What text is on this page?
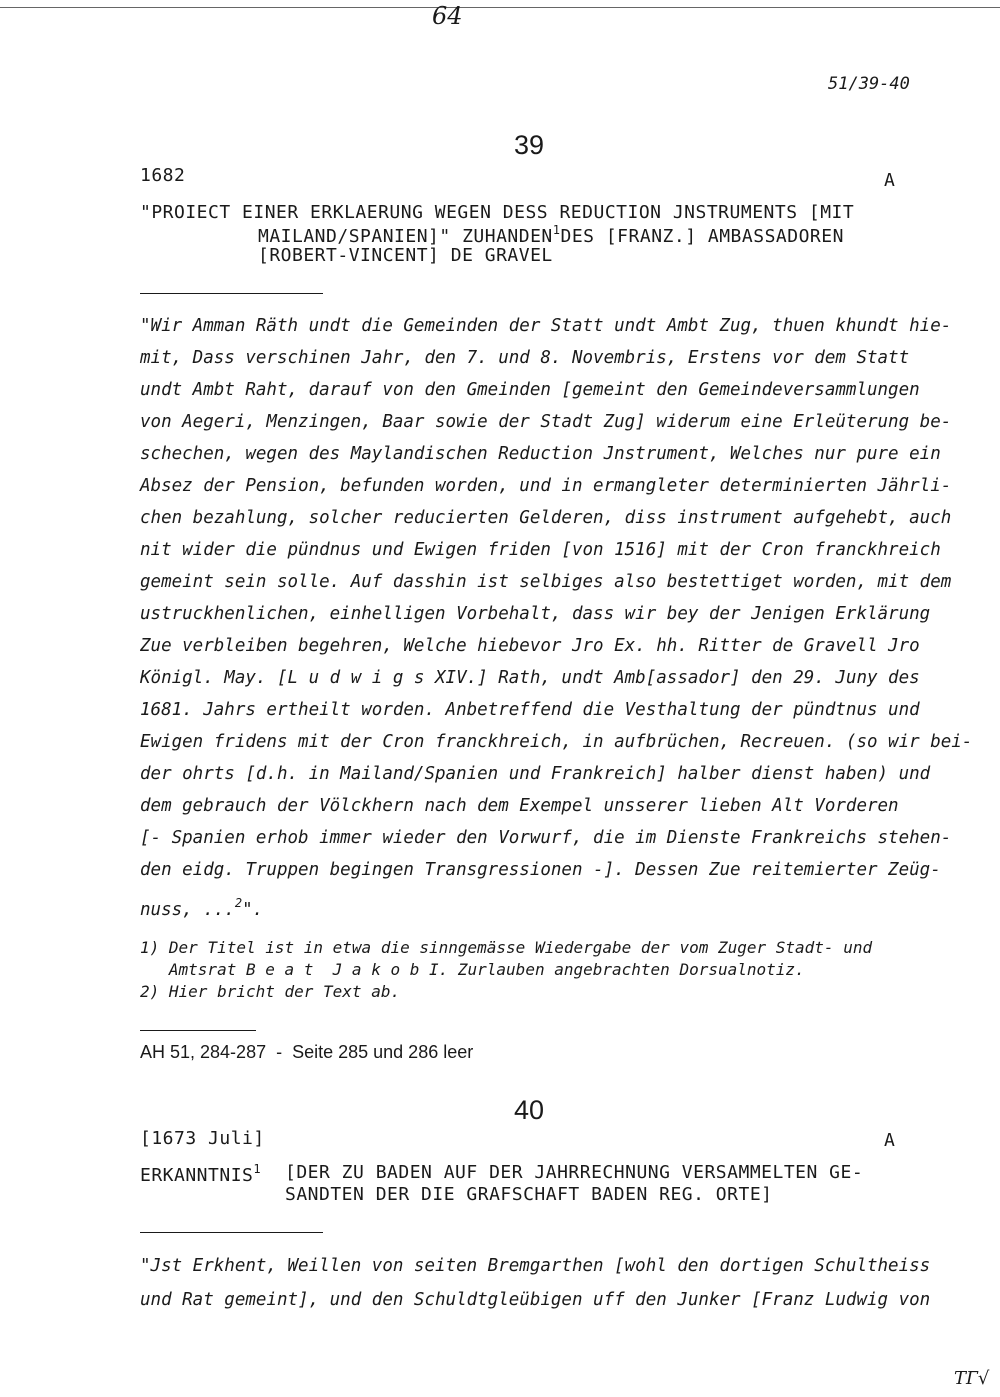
64
51/39-40
39
1682	A
"PROIECT EINER ERKLAERUNG WEGEN DESS REDUCTION JNSTRUMENTS [MIT
MAILAND/SPANIEN]" ZUHANDEN$^1$DES [FRANZ.] AMBASSADOREN
[ROBERT-VINCENT] DE GRAVEL
"Wir Amman Räth undt die Gemeinden der Statt undt Ambt Zug, thuen khundt hie-
mit, Dass verschinen Jahr, den 7. und 8. Novembris, Erstens vor dem Statt
undt Ambt Raht, darauf von den Gmeinden [gemeint den Gemeindeversammlungen
von Aegeri, Menzingen, Baar sowie der Stadt Zug] widerum eine Erleüterung be-
schechen, wegen des Maylandischen Reduction Jnstrument, Welches nur pure ein
Absez der Pension, befunden worden, und in ermangleter determinierten Jährli-
chen bezahlung, solcher reducierten Gelderen, diss instrument aufgehebt, auch
nit wider die pündnus und Ewigen friden [von 1516] mit der Cron franckhreich
gemeint sein solle. Auf dasshin ist selbiges also bestettiget worden, mit dem
ustruckhenlichen, einhelligen Vorbehalt, dass wir bey der Jenigen Erklärung
Zue verbleiben begehren, Welche hiebevor Jro Ex. hh. Ritter de Gravell Jro
Königl. May. [L u d w i g s XIV.] Rath, undt Amb[assador] den 29. Juny des
1681. Jahrs ertheilt worden. Anbetreffend die Vesthaltung der pündtnus und
Ewigen fridens mit der Cron franckhreich, in aufbrüchen, Recreuen. (so wir bei-
der ohrts [d.h. in Mailand/Spanien und Frankreich] halber dienst haben) und
dem gebrauch der Völckhern nach dem Exempel unsserer lieben Alt Vorderen
[- Spanien erhob immer wieder den Vorwurf, die im Dienste Frankreichs stehen-
den eidg. Truppen begingen Transgressionen -]. Dessen Zue reitemierter Zeüg-
nuss, ...$^2$".
1) Der Titel ist in etwa die sinngemässe Wiedergabe der vom Zuger Stadt- und
Amtsrat B e a t  J a k o b I. Zurlauben angebrachten Dorsualnotiz.
2) Hier bricht der Text ab.
AH 51, 284-287  -  Seite 285 und 286 leer
40
[1673 Juli]	A
ERKANNTNIS$^1$ [DER ZU BADEN AUF DER JAHRRECHNUNG VERSAMMELTEN GE-
SANDTEN DER DIE GRAFSCHAFT BADEN REG. ORTE]
"Jst Erkhent, Weillen von seiten Bremgarthen [wohl den dortigen Schultheiss
und Rat gemeint], und den Schuldtgleübigen uff den Junker [Franz Ludwig von
ТГ√
